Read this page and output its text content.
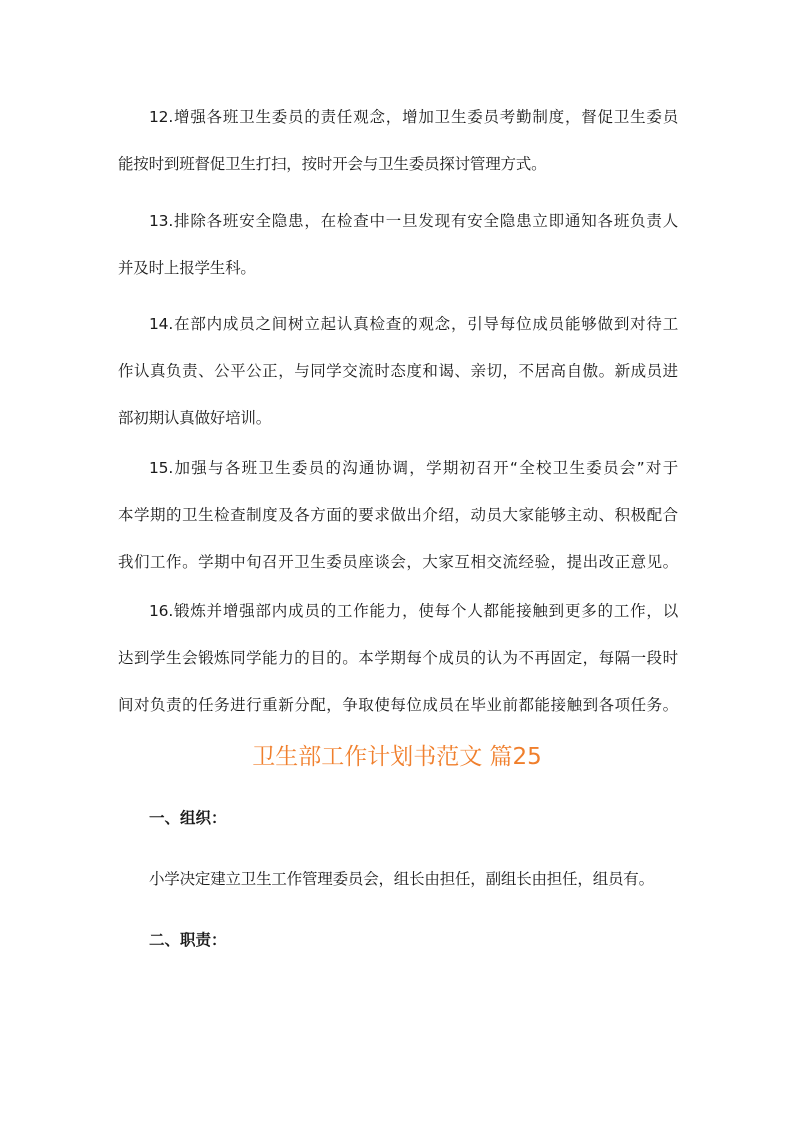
12.增强各班卫生委员的责任观念，增加卫生委员考勤制度，督促卫生委员
能按时到班督促卫生打扫，按时开会与卫生委员探讨管理方式。
13.排除各班安全隐患，在检查中一旦发现有安全隐患立即通知各班负责人
并及时上报学生科。
14.在部内成员之间树立起认真检查的观念，引导每位成员能够做到对待工
作认真负责、公平公正，与同学交流时态度和谒、亲切，不居高自傲。新成员进
部初期认真做好培训。
15.加强与各班卫生委员的沟通协调，学期初召开“全校卫生委员会”对于
本学期的卫生检查制度及各方面的要求做出介绍，动员大家能够主动、积极配合
我们工作。学期中旬召开卫生委员座谈会，大家互相交流经验，提出改正意见。
16.锻炼并增强部内成员的工作能力，使每个人都能接触到更多的工作，以
达到学生会锻炼同学能力的目的。本学期每个成员的认为不再固定，每隔一段时
间对负责的任务进行重新分配，争取使每位成员在毕业前都能接触到各项任务。
卫生部工作计划书范文 篇25

一、组织：

小学决定建立卫生工作管理委员会，组长由担任，副组长由担任，组员有。

二、职责：
